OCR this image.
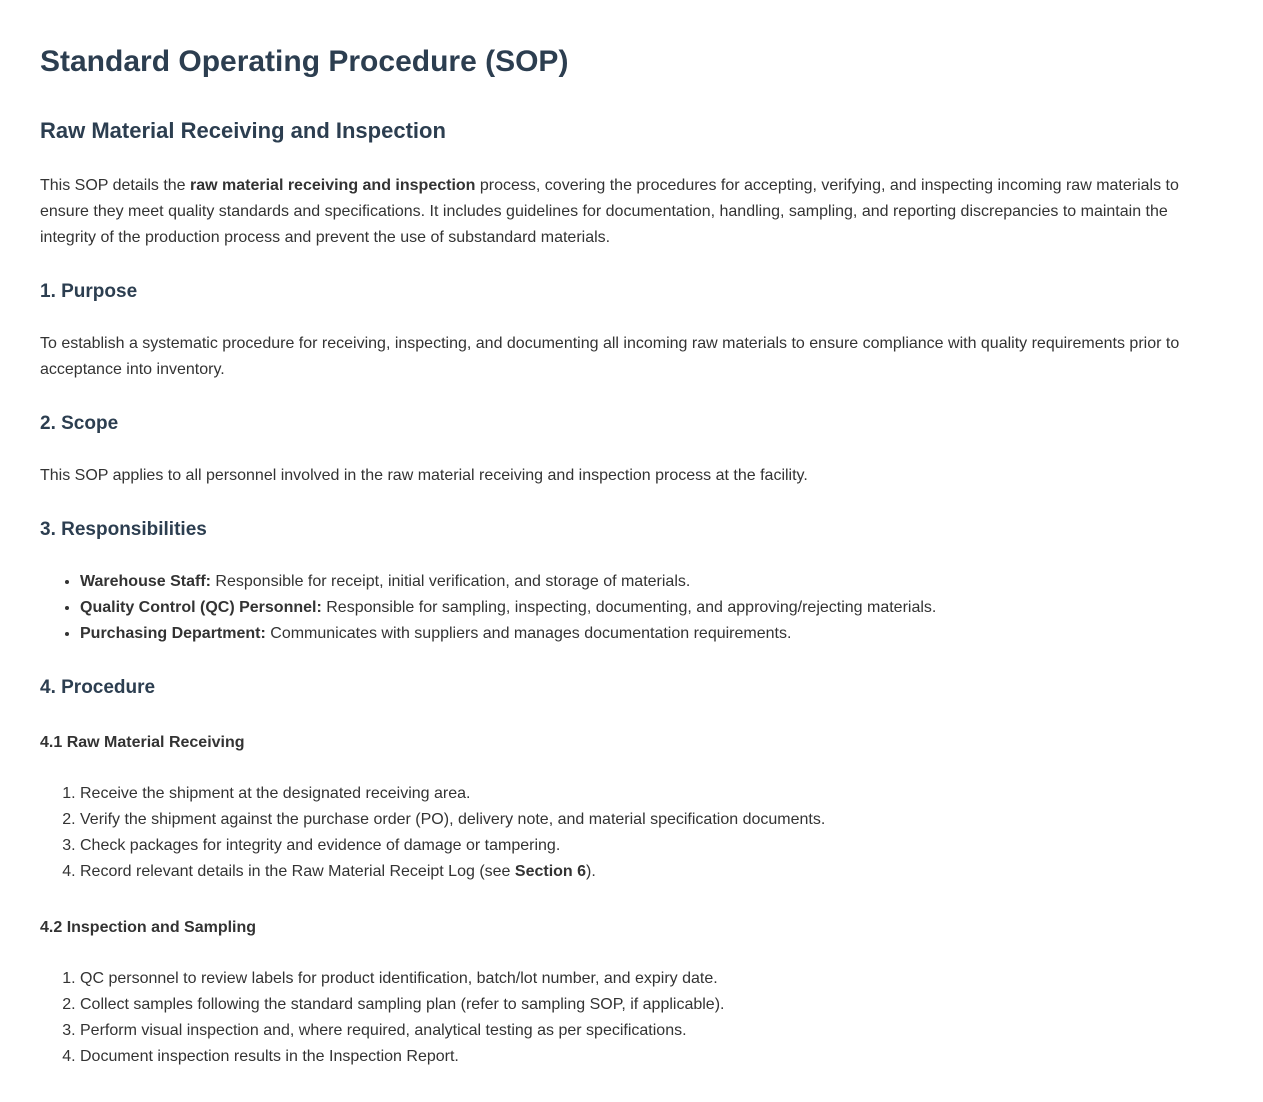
Standard Operating Procedure (SOP)
Raw Material Receiving and Inspection

This SOP details the raw material receiving and inspection process, covering the procedures for accepting, verifying, and inspecting incoming raw materials to ensure they meet quality standards and specifications. It includes guidelines for documentation, handling, sampling, and reporting discrepancies to maintain the integrity of the production process and prevent the use of substandard materials.

1. Purpose

To establish a systematic procedure for receiving, inspecting, and documenting all incoming raw materials to ensure compliance with quality requirements prior to acceptance into inventory.

2. Scope

This SOP applies to all personnel involved in the raw material receiving and inspection process at the facility.

3. Responsibilities
• Warehouse Staff: Responsible for receipt, initial verification, and storage of materials.
• Quality Control (QC) Personnel: Responsible for sampling, inspecting, documenting, and approving/rejecting materials.
• Purchasing Department: Communicates with suppliers and manages documentation requirements.
4. Procedure
4.1 Raw Material Receiving
1. Receive the shipment at the designated receiving area.
2. Verify the shipment against the purchase order (PO), delivery note, and material specification documents.
3. Check packages for integrity and evidence of damage or tampering.
4. Record relevant details in the Raw Material Receipt Log (see Section 6).
4.2 Inspection and Sampling
1. QC personnel to review labels for product identification, batch/lot number, and expiry date.
2. Collect samples following the standard sampling plan (refer to sampling SOP, if applicable).
3. Perform visual inspection and, where required, analytical testing as per specifications.
4. Document inspection results in the Inspection Report.
